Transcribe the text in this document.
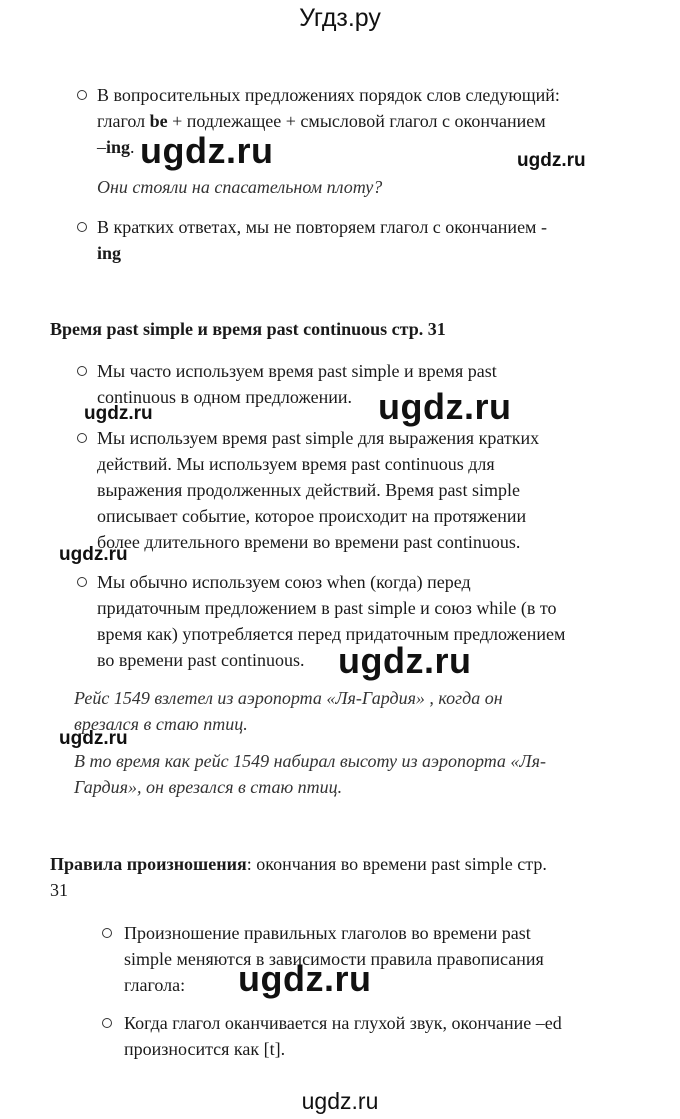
Угдз.ру
В вопросительных предложениях порядок слов следующий:
глагол be + подлежащее + смысловой глагол с окончанием
–ing. ugdz.ru	ugdz.ru
Они стояли на спасательном плоту?
В кратких ответах, мы не повторяем глагол с окончанием -
ing
Время past simple и время past continuous стр. 31
Мы часто используем время past simple и время past
continuous в одном предложении.
ugdz.ru	ugdz.ru
Мы используем время past simple для выражения кратких
действий. Мы используем время past continuous для
выражения продолженных действий. Время past simple
описывает событие, которое происходит на протяжении
более длительного времени во времени past continuous.
ugdz.ru
Мы обычно используем союз when (когда) перед
придаточным предложением в past simple и союз while (в то
время как) употребляется перед придаточным предложением
во времени past continuous. ugdz.ru
Рейс 1549 взлетел из аэропорта «Ля-Гардия» , когда он
врезался в стаю птиц.
ugdz.ru
В то время как рейс 1549 набирал высоту из аэропорта «Ля-
Гардия», он врезался в стаю птиц.
Правила произношения: окончания во времени past simple стр.
31
Произношение правильных глаголов во времени past
simple меняются в зависимости правила правописания
глагола: ugdz.ru
Когда глагол оканчивается на глухой звук, окончание –ed
произносится как [t].
ugdz.ru
